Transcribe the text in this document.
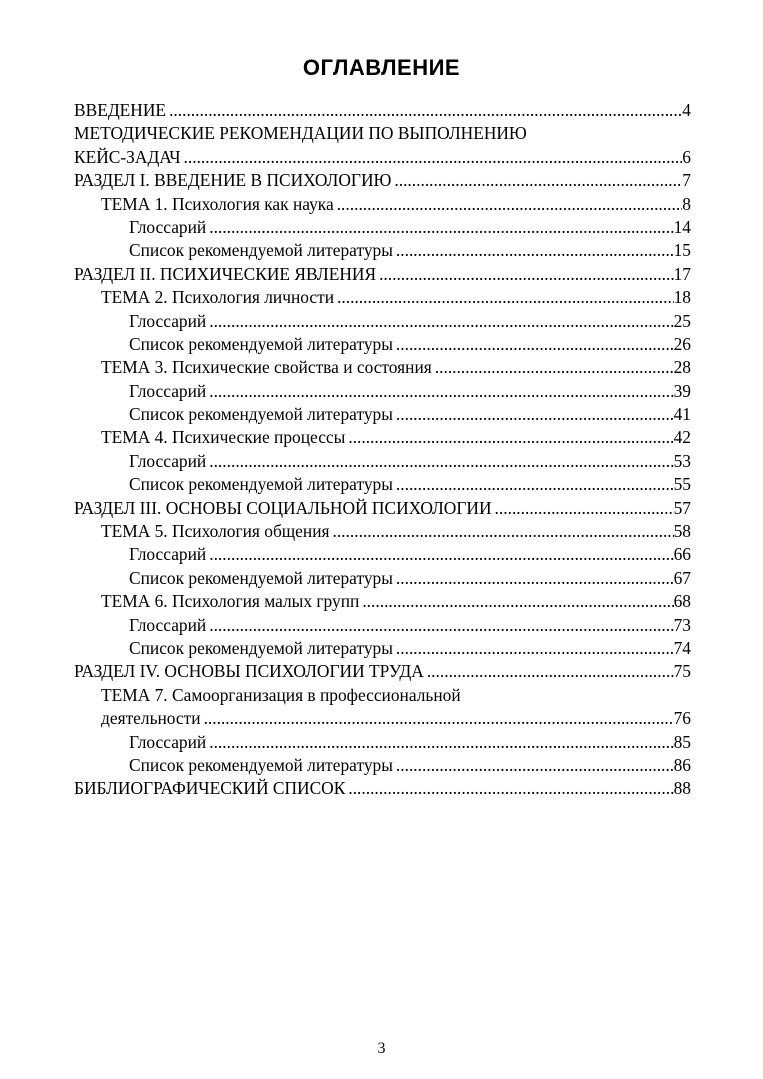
ОГЛАВЛЕНИЕ
ВВЕДЕНИЕ .....	4
МЕТОДИЧЕСКИЕ РЕКОМЕНДАЦИИ ПО ВЫПОЛНЕНИЮ
КЕЙС-ЗАДАЧ .....	6
РАЗДЕЛ I. ВВЕДЕНИЕ В ПСИХОЛОГИЮ .....	7
ТЕМА 1. Психология как наука .....	8
Глоссарий .....	14
Список рекомендуемой литературы .....	15
РАЗДЕЛ II. ПСИХИЧЕСКИЕ ЯВЛЕНИЯ .....	17
ТЕМА 2. Психология личности .....	18
Глоссарий .....	25
Список рекомендуемой литературы .....	26
ТЕМА 3. Психические свойства и состояния .....	28
Глоссарий .....	39
Список рекомендуемой литературы .....	41
ТЕМА 4. Психические процессы .....	42
Глоссарий .....	53
Список рекомендуемой литературы .....	55
РАЗДЕЛ III. ОСНОВЫ СОЦИАЛЬНОЙ ПСИХОЛОГИИ .....	57
ТЕМА 5. Психология общения .....	58
Глоссарий .....	66
Список рекомендуемой литературы .....	67
ТЕМА 6. Психология малых групп .....	68
Глоссарий .....	73
Список рекомендуемой литературы .....	74
РАЗДЕЛ IV. ОСНОВЫ ПСИХОЛОГИИ ТРУДА .....	75
ТЕМА 7. Самоорганизация в профессиональной
деятельности .....	76
Глоссарий .....	85
Список рекомендуемой литературы .....	86
БИБЛИОГРАФИЧЕСКИЙ СПИСОК .....	88
3
